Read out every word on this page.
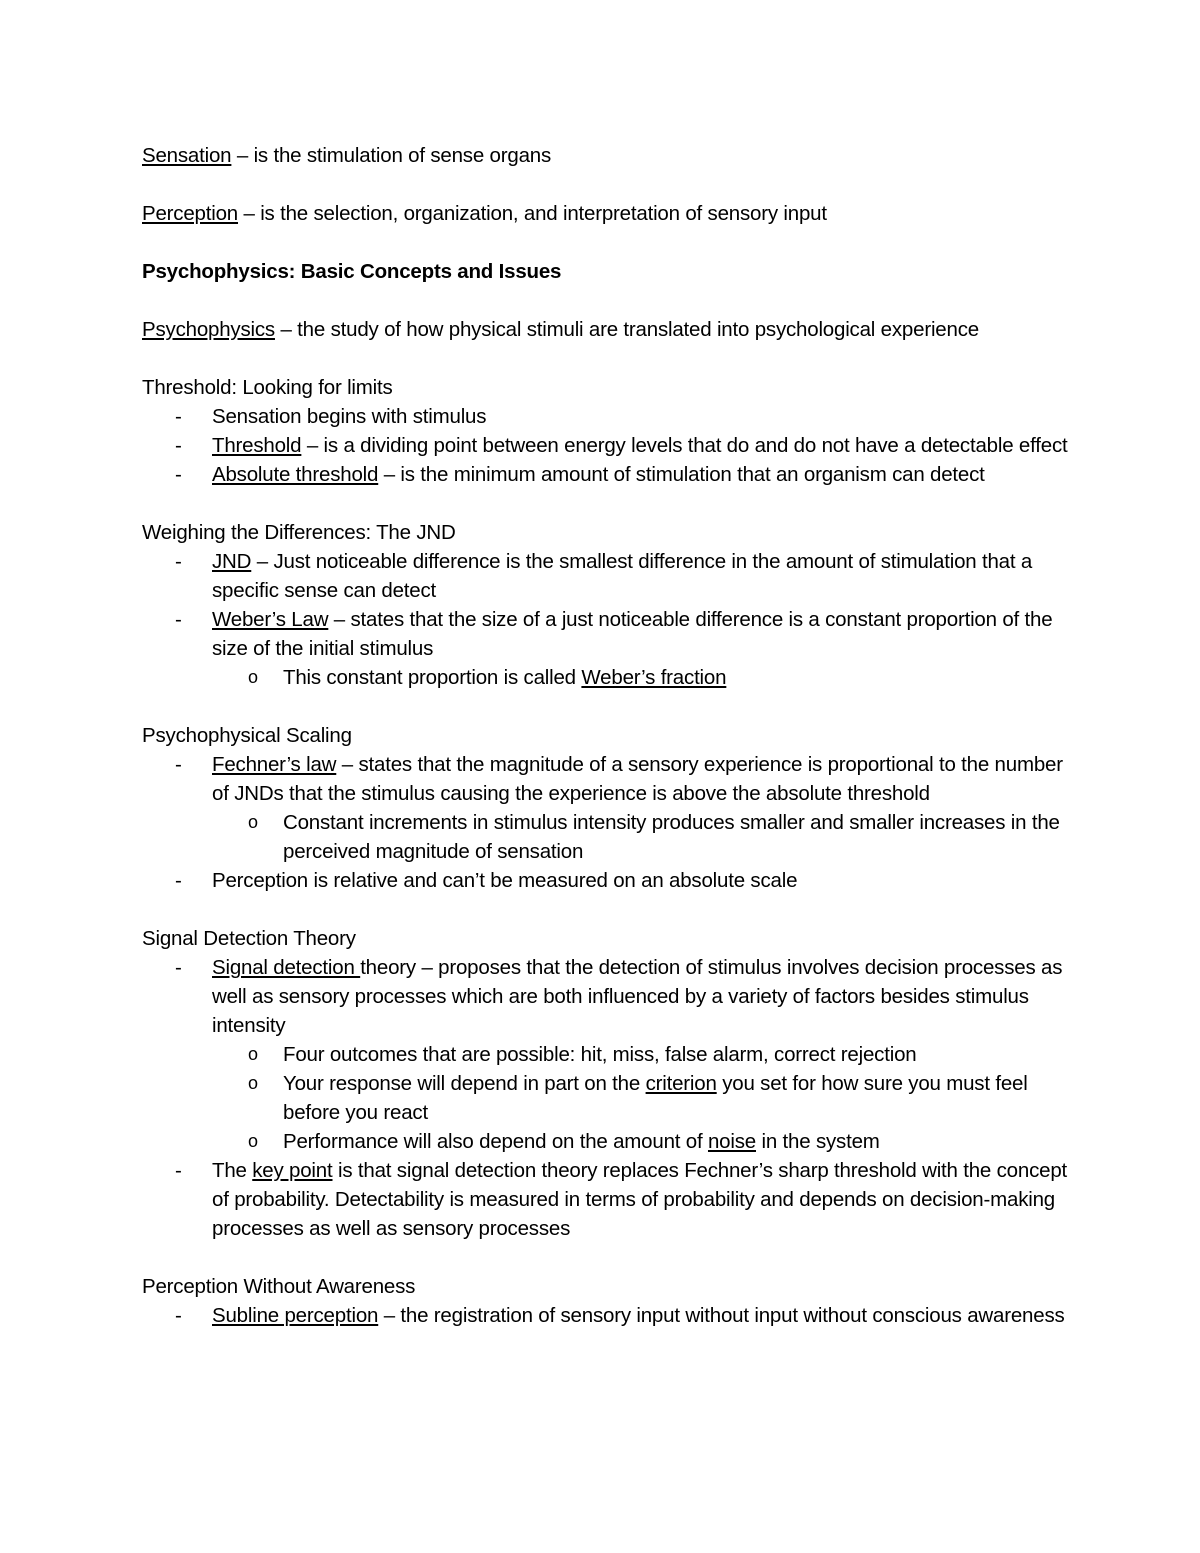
Sensation – is the stimulation of sense organs

Perception – is the selection, organization, and interpretation of sensory input

Psychophysics: Basic Concepts and Issues

Psychophysics – the study of how physical stimuli are translated into psychological experience

Threshold: Looking for limits

- Sensation begins with stimulus
- Threshold – is a dividing point between energy levels that do and do not have a detectable effect
- Absolute threshold – is the minimum amount of stimulation that an organism can detect

Weighing the Differences: The JND

- JND – Just noticeable difference is the smallest difference in the amount of stimulation that a specific sense can detect
- Weber’s Law – states that the size of a just noticeable difference is a constant proportion of the size of the initial stimulus
o This constant proportion is called Weber’s fraction

Psychophysical Scaling

- Fechner’s law – states that the magnitude of a sensory experience is proportional to the number of JNDs that the stimulus causing the experience is above the absolute threshold
o Constant increments in stimulus intensity produces smaller and smaller increases in the perceived magnitude of sensation
- Perception is relative and can’t be measured on an absolute scale

Signal Detection Theory

- Signal detection theory – proposes that the detection of stimulus involves decision processes as well as sensory processes which are both influenced by a variety of factors besides stimulus intensity
o Four outcomes that are possible: hit, miss, false alarm, correct rejection
o Your response will depend in part on the criterion you set for how sure you must feel before you react
o Performance will also depend on the amount of noise in the system
- The key point is that signal detection theory replaces Fechner’s sharp threshold with the concept of probability. Detectability is measured in terms of probability and depends on decision-making processes as well as sensory processes

Perception Without Awareness

- Subline perception – the registration of sensory input without input without conscious awareness
